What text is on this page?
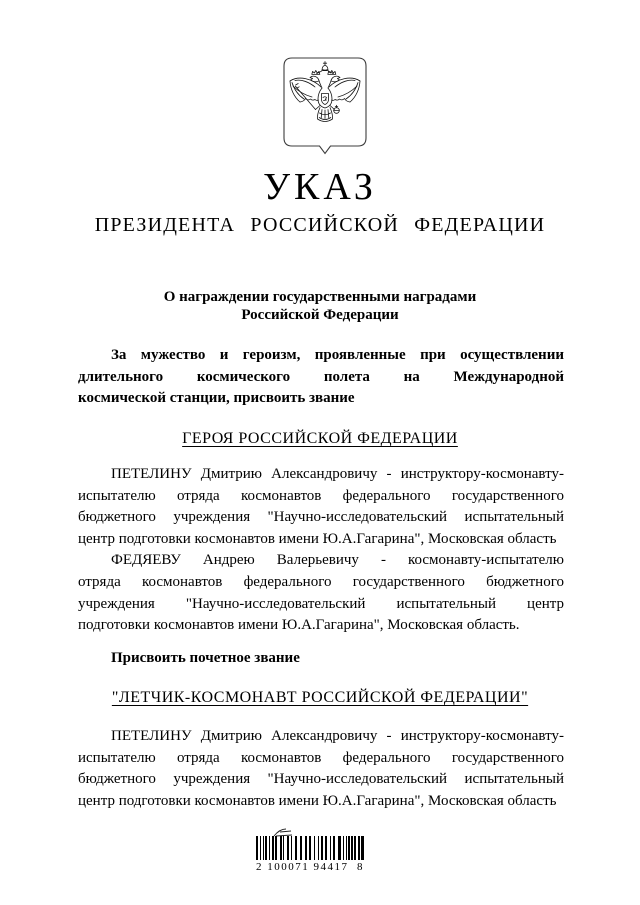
УКАЗ
ПРЕЗИДЕНТА РОССИЙСКОЙ ФЕДЕРАЦИИ
О награждении государственными наградами
Российской Федерации
За мужество и героизм, проявленные при осуществлении
длительного космического полета на Международной
космической станции, присвоить звание
ГЕРОЯ РОССИЙСКОЙ ФЕДЕРАЦИИ
ПЕТЕЛИНУ Дмитрию Александровичу - инструктору-космонавту-
испытателю отряда космонавтов федерального государственного
бюджетного учреждения "Научно-исследовательский испытательный
центр подготовки космонавтов имени Ю.А.Гагарина", Московская область
ФЕДЯЕВУ Андрею Валерьевичу - космонавту-испытателю
отряда космонавтов федерального государственного бюджетного
учреждения "Научно-исследовательский испытательный центр
подготовки космонавтов имени Ю.А.Гагарина", Московская область.
Присвоить почетное звание
"ЛЕТЧИК-КОСМОНАВТ РОССИЙСКОЙ ФЕДЕРАЦИИ"
ПЕТЕЛИНУ Дмитрию Александровичу - инструктору-космонавту-
испытателю отряда космонавтов федерального государственного
бюджетного учреждения "Научно-исследовательский испытательный
центр подготовки космонавтов имени Ю.А.Гагарина", Московская область
2 100071 94417  8
